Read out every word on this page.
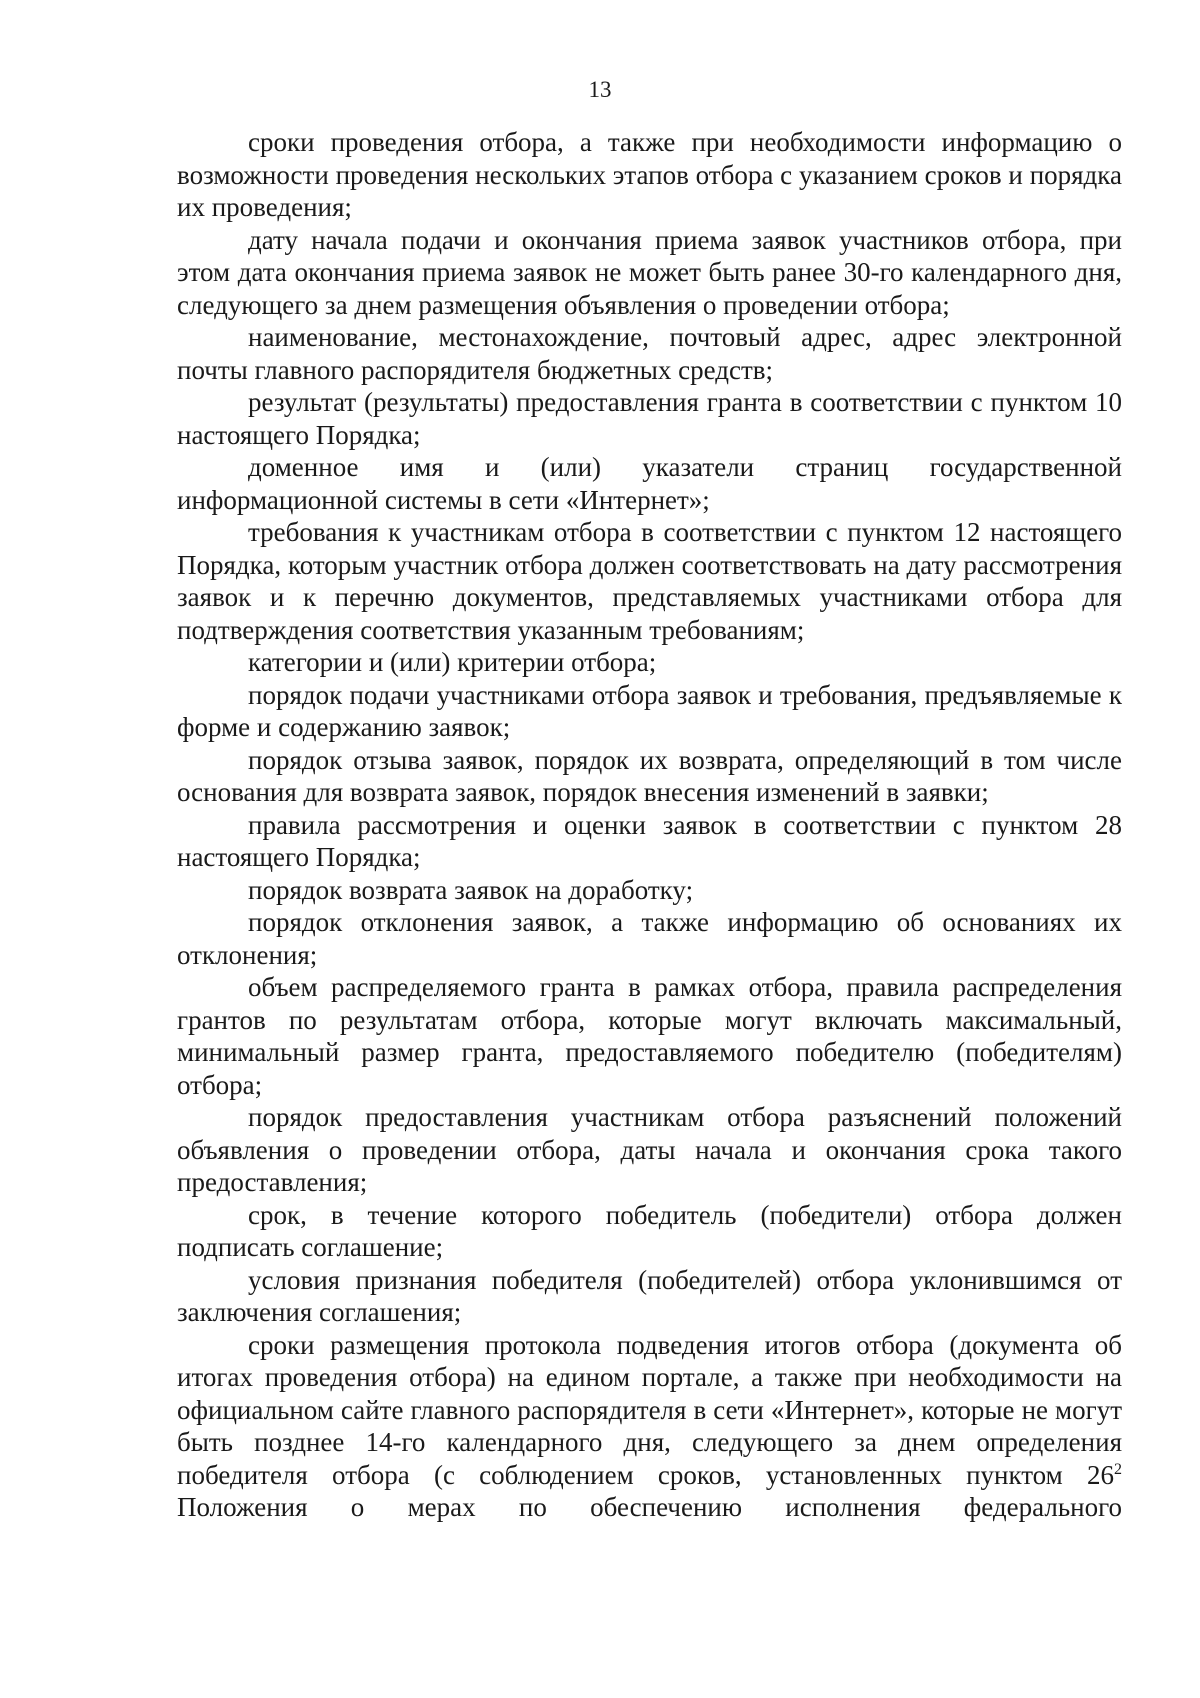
13

сроки проведения отбора, а также при необходимости информацию о возможности проведения нескольких этапов отбора с указанием сроков и порядка их проведения;

дату начала подачи и окончания приема заявок участников отбора, при этом дата окончания приема заявок не может быть ранее 30-го календарного дня, следующего за днем размещения объявления о проведении отбора;

наименование, местонахождение, почтовый адрес, адрес электронной почты главного распорядителя бюджетных средств;

результат (результаты) предоставления гранта в соответствии с пунктом 10 настоящего Порядка;

доменное имя и (или) указатели страниц государственной информационной системы в сети «Интернет»;

требования к участникам отбора в соответствии с пунктом 12 настоящего Порядка, которым участник отбора должен соответствовать на дату рассмотрения заявок и к перечню документов, представляемых участниками отбора для подтверждения соответствия указанным требованиям;

категории и (или) критерии отбора;

порядок подачи участниками отбора заявок и требования, предъявляемые к форме и содержанию заявок;

порядок отзыва заявок, порядок их возврата, определяющий в том числе основания для возврата заявок, порядок внесения изменений в заявки;

правила рассмотрения и оценки заявок в соответствии с пунктом 28 настоящего Порядка;

порядок возврата заявок на доработку;

порядок отклонения заявок, а также информацию об основаниях их отклонения;

объем распределяемого гранта в рамках отбора, правила распределения грантов по результатам отбора, которые могут включать максимальный, минимальный размер гранта, предоставляемого победителю (победителям) отбора;

порядок предоставления участникам отбора разъяснений положений объявления о проведении отбора, даты начала и окончания срока такого предоставления;

срок, в течение которого победитель (победители) отбора должен подписать соглашение;

условия признания победителя (победителей) отбора уклонившимся от заключения соглашения;

сроки размещения протокола подведения итогов отбора (документа об итогах проведения отбора) на едином портале, а также при необходимости на официальном сайте главного распорядителя в сети «Интернет», которые не могут быть позднее 14-го календарного дня, следующего за днем определения победителя отбора (с соблюдением сроков, установленных пунктом $26^2$ Положения о мерах по обеспечению исполнения федерального
